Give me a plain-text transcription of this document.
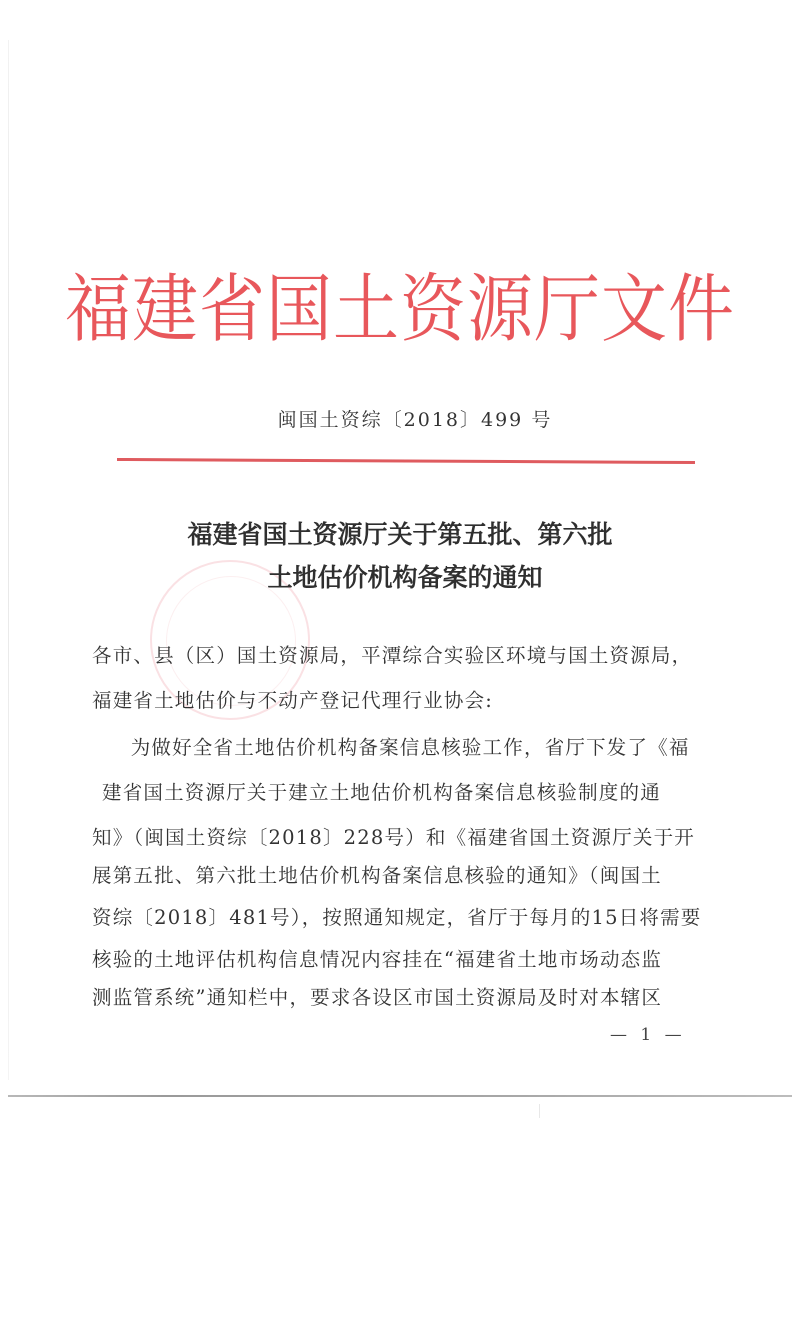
福建省国土资源厅文件
闽国土资综〔2018〕499 号
福建省国土资源厅关于第五批、第六批
土地估价机构备案的通知
各市、县（区）国土资源局，平潭综合实验区环境与国土资源局，
福建省土地估价与不动产登记代理行业协会:
　为做好全省土地估价机构备案信息核验工作，省厅下发了《福
建省国土资源厅关于建立土地估价机构备案信息核验制度的通
知》（闽国土资综〔2018〕228号）和《福建省国土资源厅关于开
展第五批、第六批土地估价机构备案信息核验的通知》（闽国土
资综〔2018〕481号），按照通知规定，省厅于每月的15日将需要
核验的土地评估机构信息情况内容挂在“福建省土地市场动态监
测监管系统”通知栏中，要求各设区市国土资源局及时对本辖区
— 1 —
